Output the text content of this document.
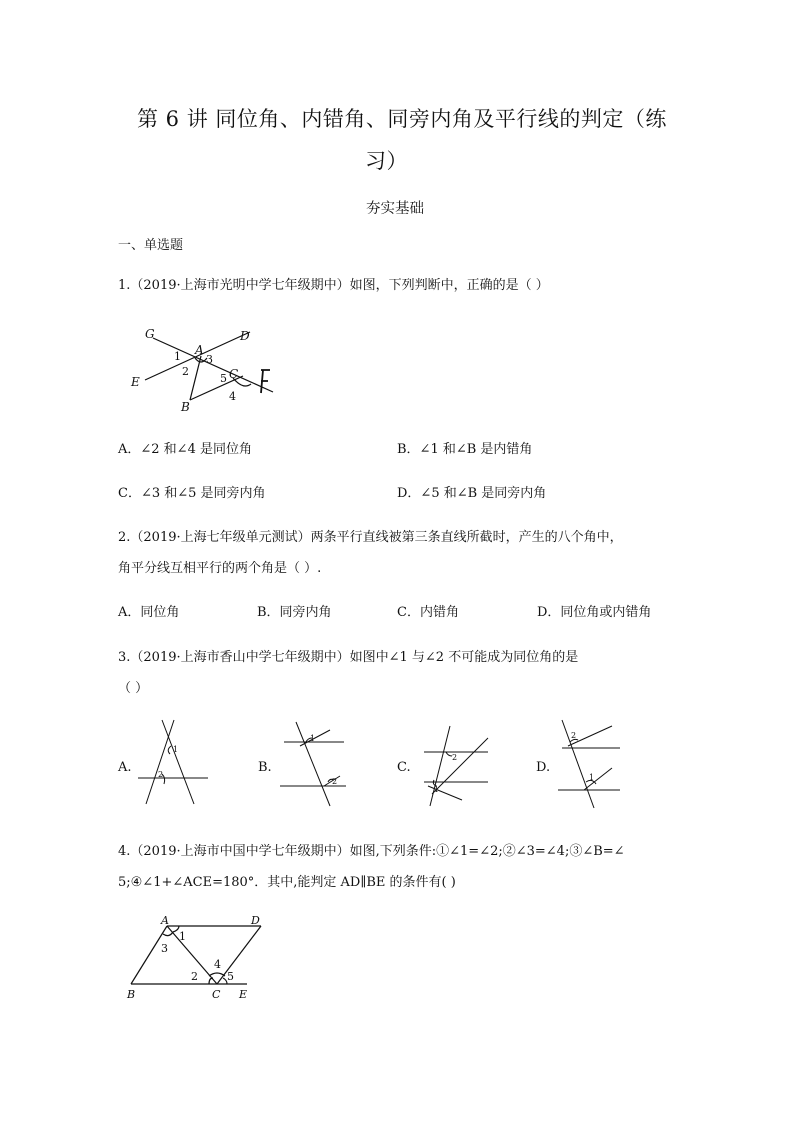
第 6 讲 同位角、内错角、同旁内角及平行线的判定（练
习）
夯实基础
一、单选题
1.（2019·上海市光明中学七年级期中）如图，下列判断中，正确的是（ ）
G	D
1 A
3
2
E	5 C
B
4
A．∠2 和∠4 是同位角	B．∠1 和∠B 是内错角
C．∠3 和∠5 是同旁内角	D．∠5 和∠B 是同旁内角
2.（2019·上海七年级单元测试）两条平行直线被第三条直线所截时，产生的八个角中，
角平分线互相平行的两个角是（ ）.
A．同位角	B．同旁内角	C．内错角	D．同位角或内错角
3.（2019·上海市香山中学七年级期中）如图中∠1 与∠2 不可能成为同位角的是
（ ）
A.
1
2	B.
1
2
C.
2
1
D.
2
1
4.（2019·上海市中国中学七年级期中）如图,下列条件:①∠1=∠2;②∠3=∠4;③∠B=∠
5;④∠1+∠ACE=180°．其中,能判定 AD∥BE 的条件有( )
A	D
1
3
4
2	5
B	C E
